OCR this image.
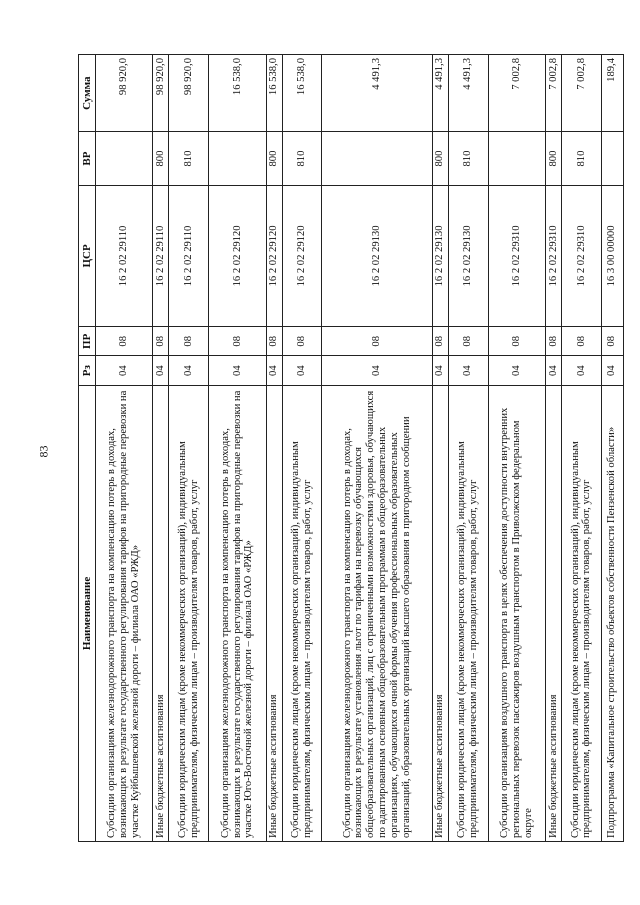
83
Наименование	Рз	ПР	ЦСР	ВР	Сумма
Субсидии организациям железнодорожного транспорта на компенсацию потерь в доходах, возникающих в результате государственного регулирования тарифов на пригородные перевозки на участке Куйбышевской железной дороги – филиала ОАО «РЖД»	04	08	16 2 02 29110		98 920,0
Иные бюджетные ассигнования	04	08	16 2 02 29110	800	98 920,0
Субсидии юридическим лицам (кроме некоммерческих организаций), индивидуальным предпринимателям, физическим лицам – производителям товаров, работ, услуг	04	08	16 2 02 29110	810	98 920,0
Субсидии организациям железнодорожного транспорта на компенсацию потерь в доходах, возникающих в результате государственного регулирования тарифов на пригородные перевозки на участке Юго-Восточной железной дороги – филиала ОАО «РЖД»	04	08	16 2 02 29120		16 538,0
Иные бюджетные ассигнования	04	08	16 2 02 29120	800	16 538,0
Субсидии юридическим лицам (кроме некоммерческих организаций), индивидуальным предпринимателям, физическим лицам – производителям товаров, работ, услуг	04	08	16 2 02 29120	810	16 538,0
Субсидии организациям железнодорожного транспорта на компенсацию потерь в доходах, возникающих в результате установления льгот по тарифам на перевозку обучающихся общеобразовательных организаций, лиц с ограниченными возможностями здоровья, обучающихся по адаптированным основным общеобразовательным программам в общеобразовательных организациях, обучающихся очной формы обучения профессиональных образовательных организаций, образовательных организаций высшего образования в пригородном сообщении	04	08	16 2 02 29130		4 491,3
Иные бюджетные ассигнования	04	08	16 2 02 29130	800	4 491,3
Субсидии юридическим лицам (кроме некоммерческих организаций), индивидуальным предпринимателям, физическим лицам – производителям товаров, работ, услуг	04	08	16 2 02 29130	810	4 491,3
Субсидии организациям воздушного транспорта в целях обеспечения доступности внутренних региональных перевозок пассажиров воздушным транспортом в Приволжском федеральном округе	04	08	16 2 02 29310		7 002,8
Иные бюджетные ассигнования	04	08	16 2 02 29310	800	7 002,8
Субсидии юридическим лицам (кроме некоммерческих организаций), индивидуальным предпринимателям, физическим лицам – производителям товаров, работ, услуг	04	08	16 2 02 29310	810	7 002,8
Подпрограмма «Капитальное строительство объектов собственности Пензенской области»	04	08	16 3 00 00000		189,4
